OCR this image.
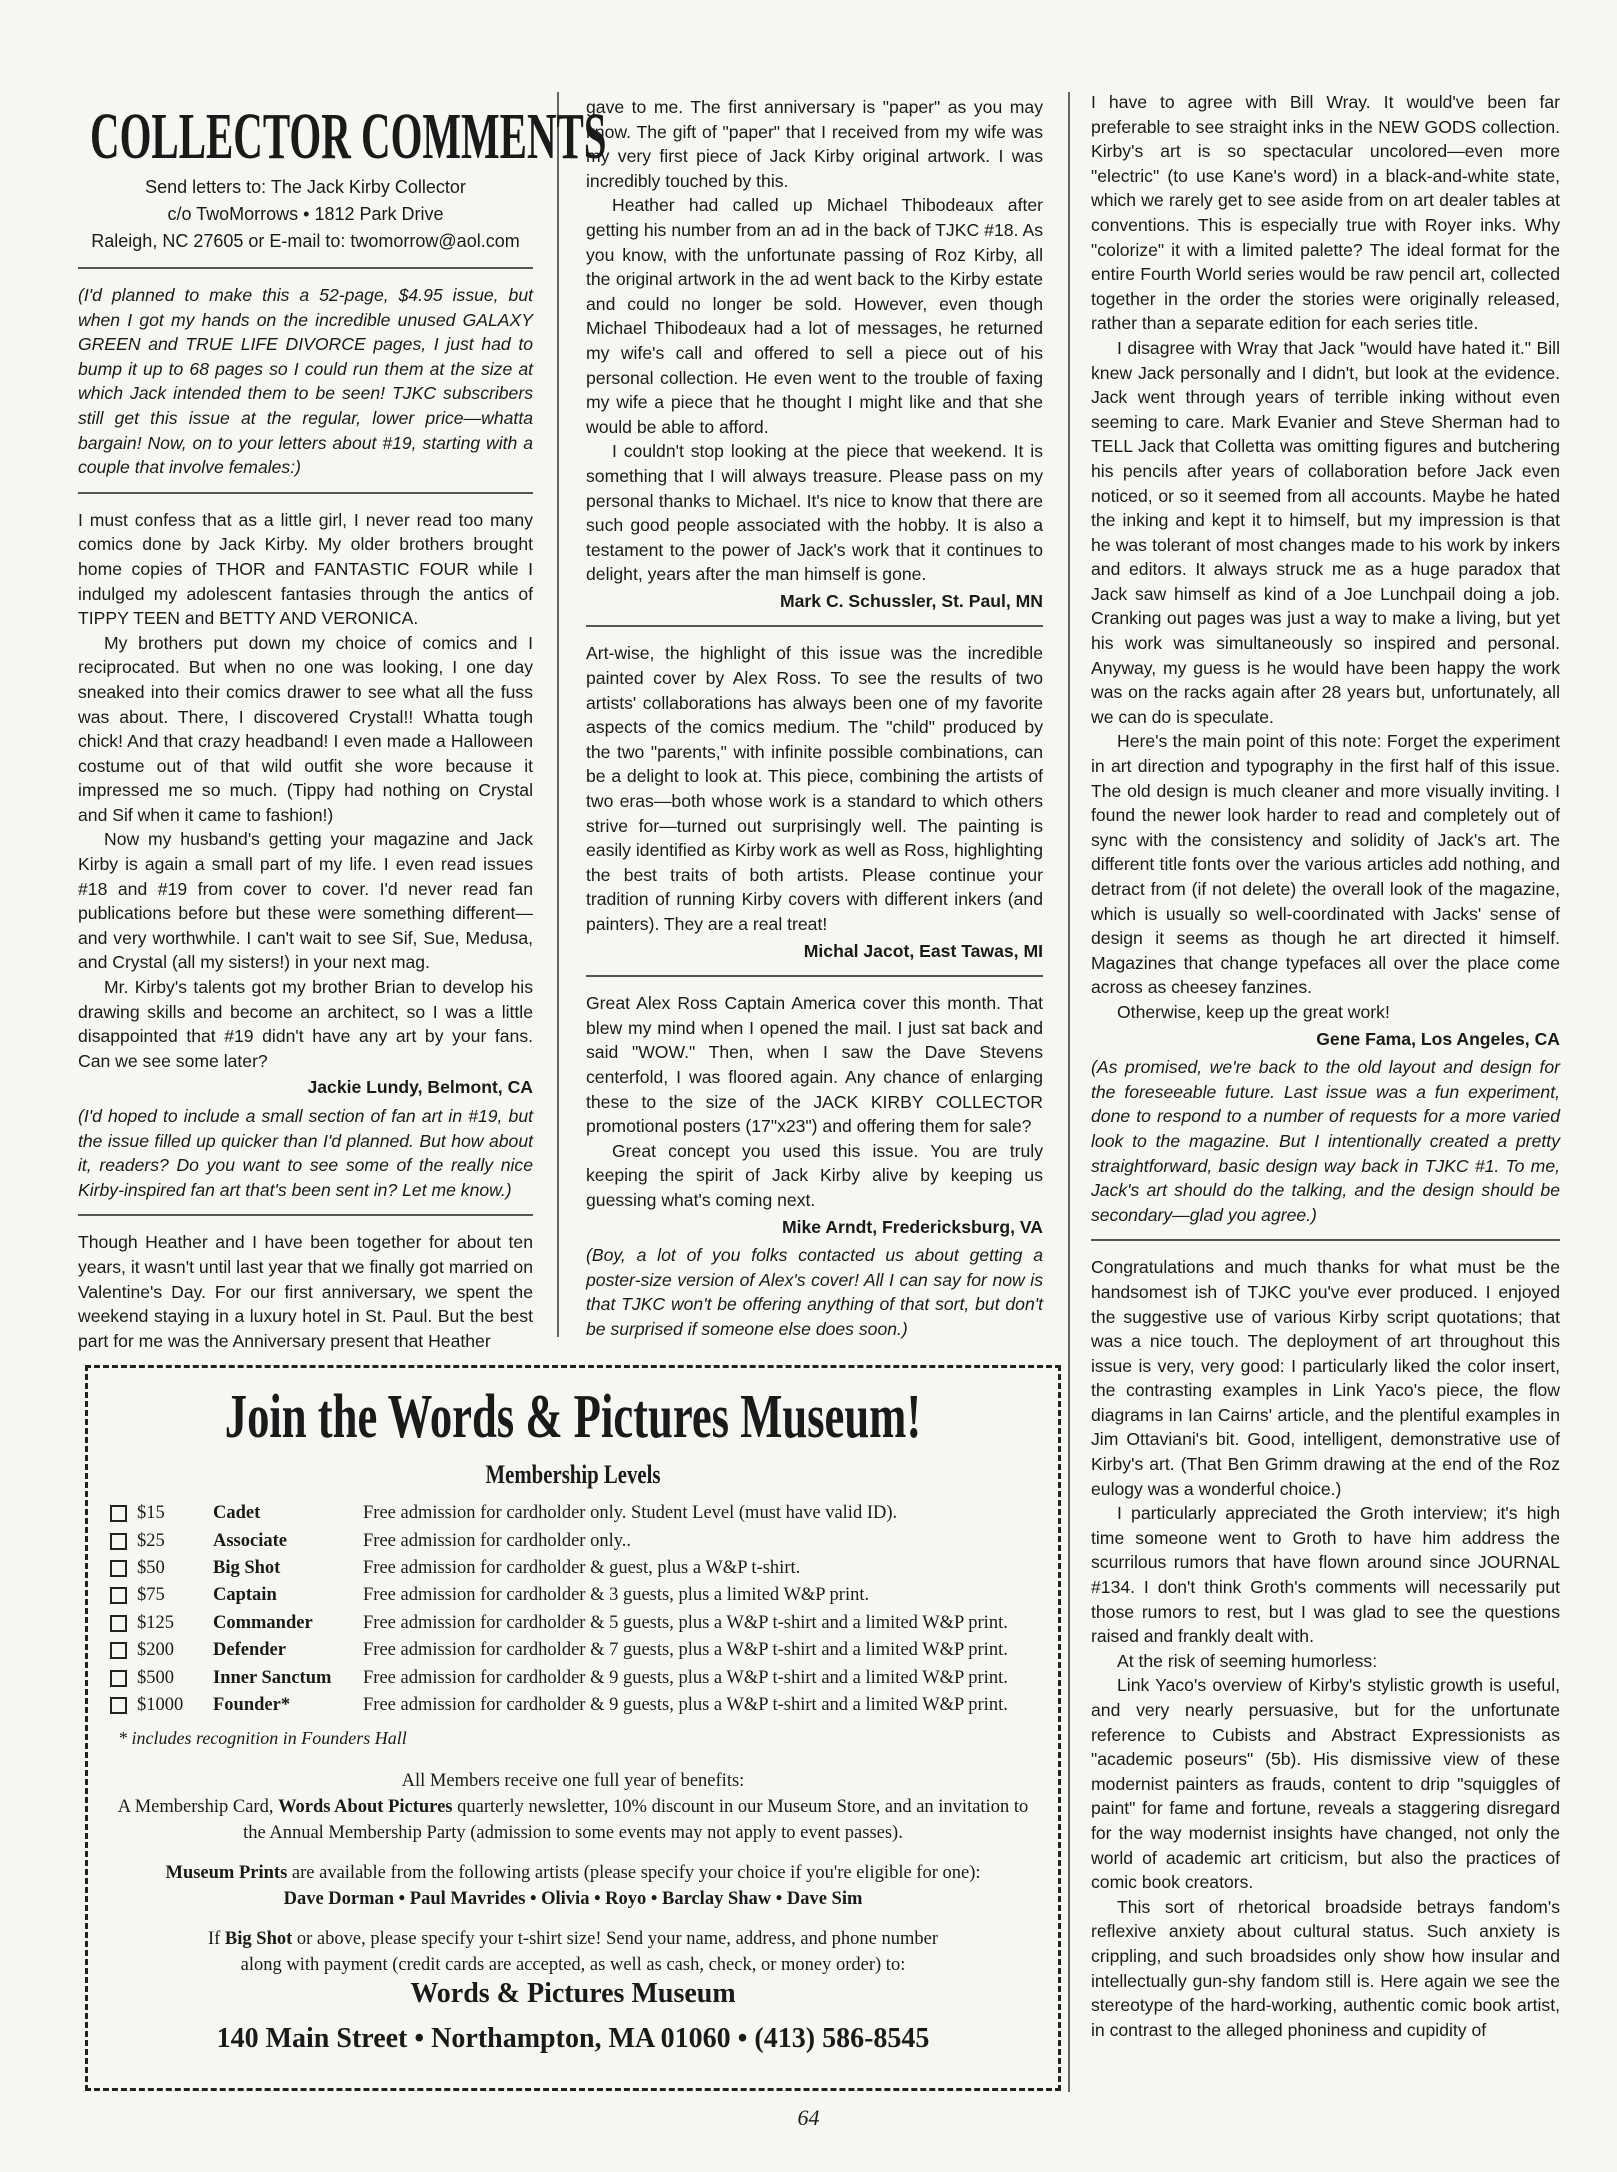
COLLECTOR COMMENTS

Send letters to: The Jack Kirby Collector

c/o TwoMorrows • 1812 Park Drive

Raleigh, NC 27605 or E-mail to: twomorrow@aol.com

(I'd planned to make this a 52-page, $4.95 issue, but when I got my hands on the incredible unused GALAXY GREEN and TRUE LIFE DIVORCE pages, I just had to bump it up to 68 pages so I could run them at the size at which Jack intended them to be seen! TJKC subscribers still get this issue at the regular, lower price—whatta bargain! Now, on to your letters about #19, starting with a couple that involve females:)

I must confess that as a little girl, I never read too many comics done by Jack Kirby. My older brothers brought home copies of THOR and FANTASTIC FOUR while I indulged my adolescent fantasies through the antics of TIPPY TEEN and BETTY AND VERONICA.

My brothers put down my choice of comics and I reciprocated. But when no one was looking, I one day sneaked into their comics drawer to see what all the fuss was about. There, I discovered Crystal!! Whatta tough chick! And that crazy headband! I even made a Halloween costume out of that wild outfit she wore because it impressed me so much. (Tippy had nothing on Crystal and Sif when it came to fashion!)

Now my husband's getting your magazine and Jack Kirby is again a small part of my life. I even read issues #18 and #19 from cover to cover. I'd never read fan publications before but these were something different—and very worthwhile. I can't wait to see Sif, Sue, Medusa, and Crystal (all my sisters!) in your next mag.

Mr. Kirby's talents got my brother Brian to develop his drawing skills and become an architect, so I was a little disappointed that #19 didn't have any art by your fans. Can we see some later?

Jackie Lundy, Belmont, CA

(I'd hoped to include a small section of fan art in #19, but the issue filled up quicker than I'd planned. But how about it, readers? Do you want to see some of the really nice Kirby-inspired fan art that's been sent in? Let me know.)

Though Heather and I have been together for about ten years, it wasn't until last year that we finally got married on Valentine's Day. For our first anniversary, we spent the weekend staying in a luxury hotel in St. Paul. But the best part for me was the Anniversary present that Heather

gave to me. The first anniversary is "paper" as you may know. The gift of "paper" that I received from my wife was my very first piece of Jack Kirby original artwork. I was incredibly touched by this.

Heather had called up Michael Thibodeaux after getting his number from an ad in the back of TJKC #18. As you know, with the unfortunate passing of Roz Kirby, all the original artwork in the ad went back to the Kirby estate and could no longer be sold. However, even though Michael Thibodeaux had a lot of messages, he returned my wife's call and offered to sell a piece out of his personal collection. He even went to the trouble of faxing my wife a piece that he thought I might like and that she would be able to afford.

I couldn't stop looking at the piece that weekend. It is something that I will always treasure. Please pass on my personal thanks to Michael. It's nice to know that there are such good people associated with the hobby. It is also a testament to the power of Jack's work that it continues to delight, years after the man himself is gone.

Mark C. Schussler, St. Paul, MN

Art-wise, the highlight of this issue was the incredible painted cover by Alex Ross. To see the results of two artists' collaborations has always been one of my favorite aspects of the comics medium. The "child" produced by the two "parents," with infinite possible combinations, can be a delight to look at. This piece, combining the artists of two eras—both whose work is a standard to which others strive for—turned out surprisingly well. The painting is easily identified as Kirby work as well as Ross, highlighting the best traits of both artists. Please continue your tradition of running Kirby covers with different inkers (and painters). They are a real treat!

Michal Jacot, East Tawas, MI

Great Alex Ross Captain America cover this month. That blew my mind when I opened the mail. I just sat back and said "WOW." Then, when I saw the Dave Stevens centerfold, I was floored again. Any chance of enlarging these to the size of the JACK KIRBY COLLECTOR promotional posters (17"x23") and offering them for sale?

Great concept you used this issue. You are truly keeping the spirit of Jack Kirby alive by keeping us guessing what's coming next.

Mike Arndt, Fredericksburg, VA

(Boy, a lot of you folks contacted us about getting a poster-size version of Alex's cover! All I can say for now is that TJKC won't be offering anything of that sort, but don't be surprised if someone else does soon.)

I have to agree with Bill Wray. It would've been far preferable to see straight inks in the NEW GODS collection. Kirby's art is so spectacular uncolored—even more "electric" (to use Kane's word) in a black-and-white state, which we rarely get to see aside from on art dealer tables at conventions. This is especially true with Royer inks. Why "colorize" it with a limited palette? The ideal format for the entire Fourth World series would be raw pencil art, collected together in the order the stories were originally released, rather than a separate edition for each series title.

I disagree with Wray that Jack "would have hated it." Bill knew Jack personally and I didn't, but look at the evidence. Jack went through years of terrible inking without even seeming to care. Mark Evanier and Steve Sherman had to TELL Jack that Colletta was omitting figures and butchering his pencils after years of collaboration before Jack even noticed, or so it seemed from all accounts. Maybe he hated the inking and kept it to himself, but my impression is that he was tolerant of most changes made to his work by inkers and editors. It always struck me as a huge paradox that Jack saw himself as kind of a Joe Lunchpail doing a job. Cranking out pages was just a way to make a living, but yet his work was simultaneously so inspired and personal. Anyway, my guess is he would have been happy the work was on the racks again after 28 years but, unfortunately, all we can do is speculate.

Here's the main point of this note: Forget the experiment in art direction and typography in the first half of this issue. The old design is much cleaner and more visually inviting. I found the newer look harder to read and completely out of sync with the consistency and solidity of Jack's art. The different title fonts over the various articles add nothing, and detract from (if not delete) the overall look of the magazine, which is usually so well-coordinated with Jacks' sense of design it seems as though he art directed it himself. Magazines that change typefaces all over the place come across as cheesey fanzines.

Otherwise, keep up the great work!

Gene Fama, Los Angeles, CA

(As promised, we're back to the old layout and design for the foreseeable future. Last issue was a fun experiment, done to respond to a number of requests for a more varied look to the magazine. But I intentionally created a pretty straightforward, basic design way back in TJKC #1. To me, Jack's art should do the talking, and the design should be secondary—glad you agree.)

Congratulations and much thanks for what must be the handsomest ish of TJKC you've ever produced. I enjoyed the suggestive use of various Kirby script quotations; that was a nice touch. The deployment of art throughout this issue is very, very good: I particularly liked the color insert, the contrasting examples in Link Yaco's piece, the flow diagrams in Ian Cairns' article, and the plentiful examples in Jim Ottaviani's bit. Good, intelligent, demonstrative use of Kirby's art. (That Ben Grimm drawing at the end of the Roz eulogy was a wonderful choice.)

I particularly appreciated the Groth interview; it's high time someone went to Groth to have him address the scurrilous rumors that have flown around since JOURNAL #134. I don't think Groth's comments will necessarily put those rumors to rest, but I was glad to see the questions raised and frankly dealt with.

At the risk of seeming humorless:

Link Yaco's overview of Kirby's stylistic growth is useful, and very nearly persuasive, but for the unfortunate reference to Cubists and Abstract Expressionists as "academic poseurs" (5b). His dismissive view of these modernist painters as frauds, content to drip "squiggles of paint" for fame and fortune, reveals a staggering disregard for the way modernist insights have changed, not only the world of academic art criticism, but also the practices of comic book creators.

This sort of rhetorical broadside betrays fandom's reflexive anxiety about cultural status. Such anxiety is crippling, and such broadsides only show how insular and intellectually gun-shy fandom still is. Here again we see the stereotype of the hard-working, authentic comic book artist, in contrast to the alleged phoniness and cupidity of

Join the Words & Pictures Museum!
Membership Levels
$15	Cadet	Free admission for cardholder only. Student Level (must have valid ID).
$25	Associate	Free admission for cardholder only..
$50	Big Shot	Free admission for cardholder & guest, plus a W&P t-shirt.
$75	Captain	Free admission for cardholder & 3 guests, plus a limited W&P print.
$125	Commander	Free admission for cardholder & 5 guests, plus a W&P t-shirt and a limited W&P print.
$200	Defender	Free admission for cardholder & 7 guests, plus a W&P t-shirt and a limited W&P print.
$500	Inner Sanctum	Free admission for cardholder & 9 guests, plus a W&P t-shirt and a limited W&P print.
$1000	Founder*	Free admission for cardholder & 9 guests, plus a W&P t-shirt and a limited W&P print.
* includes recognition in Founders Hall
All Members receive one full year of benefits:
A Membership Card, Words About Pictures quarterly newsletter, 10% discount in our Museum Store, and an invitation to
the Annual Membership Party (admission to some events may not apply to event passes).
Museum Prints are available from the following artists (please specify your choice if you're eligible for one):
Dave Dorman • Paul Mavrides • Olivia • Royo • Barclay Shaw • Dave Sim
If Big Shot or above, please specify your t-shirt size! Send your name, address, and phone number
along with payment (credit cards are accepted, as well as cash, check, or money order) to:
Words & Pictures Museum
140 Main Street • Northampton, MA 01060 • (413) 586-8545
64
